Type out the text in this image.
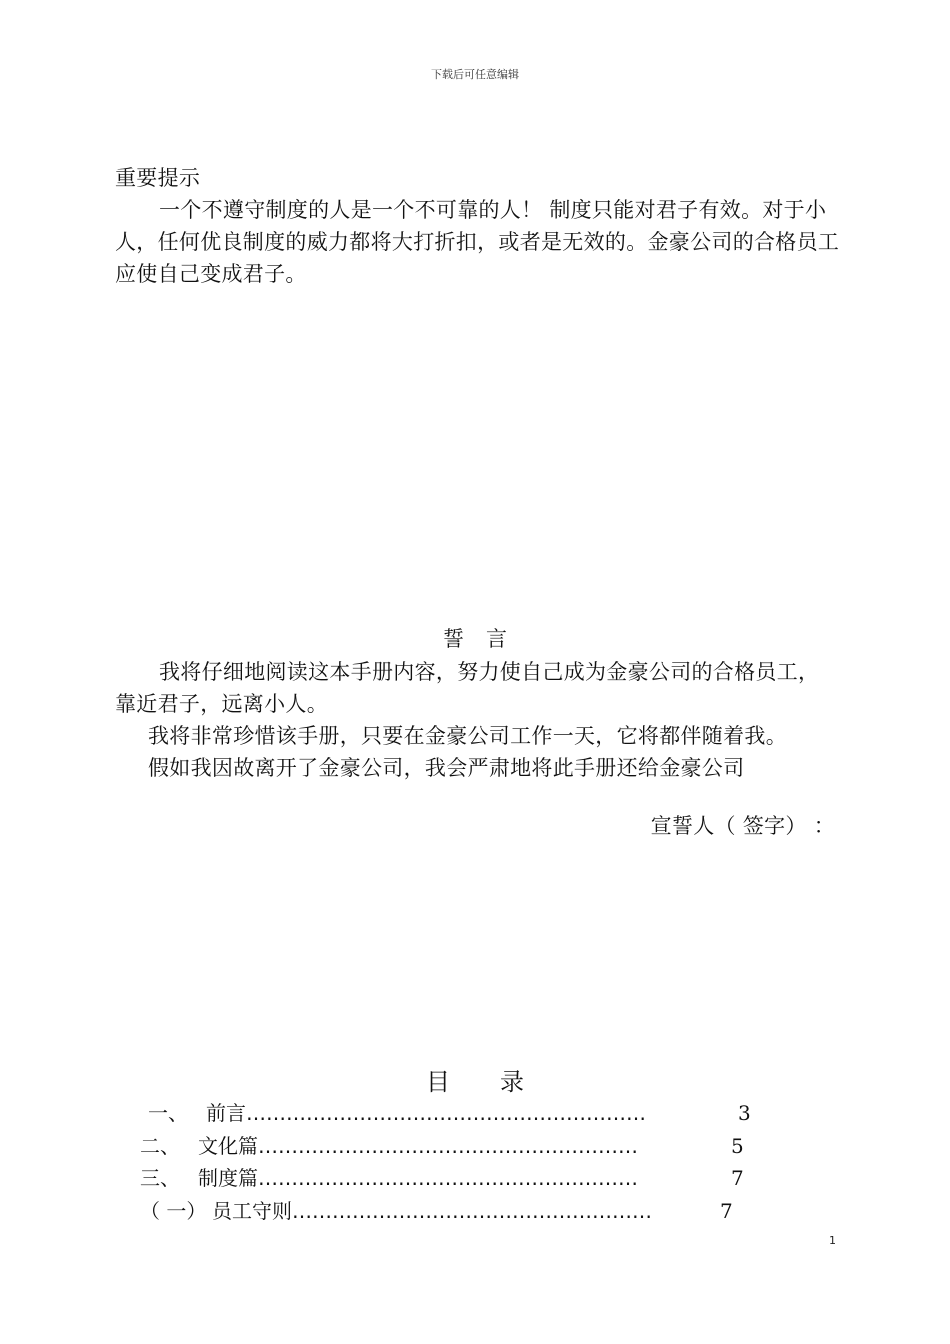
下载后可任意编辑
重要提示
一个不遵守制度的人是一个不可靠的人！ 制度只能对君子有效。对于小人，任何优良制度的威力都将大打折扣，或者是无效的。金豪公司的合格员工应使自己变成君子。
誓言
我将仔细地阅读这本手册内容，努力使自己成为金豪公司的合格员工，靠近君子，远离小人。
我将非常珍惜该手册，只要在金豪公司工作一天，它将都伴随着我。
假如我因故离开了金豪公司，我会严肃地将此手册还给金豪公司
宣誓人（ 签字） ：
目录
一、 前言……………………………………………………	3
二、 文化篇…………………………………………………	5
三、 制度篇…………………………………………………	7
（ 一） 员工守则………………………………………………	7
1
